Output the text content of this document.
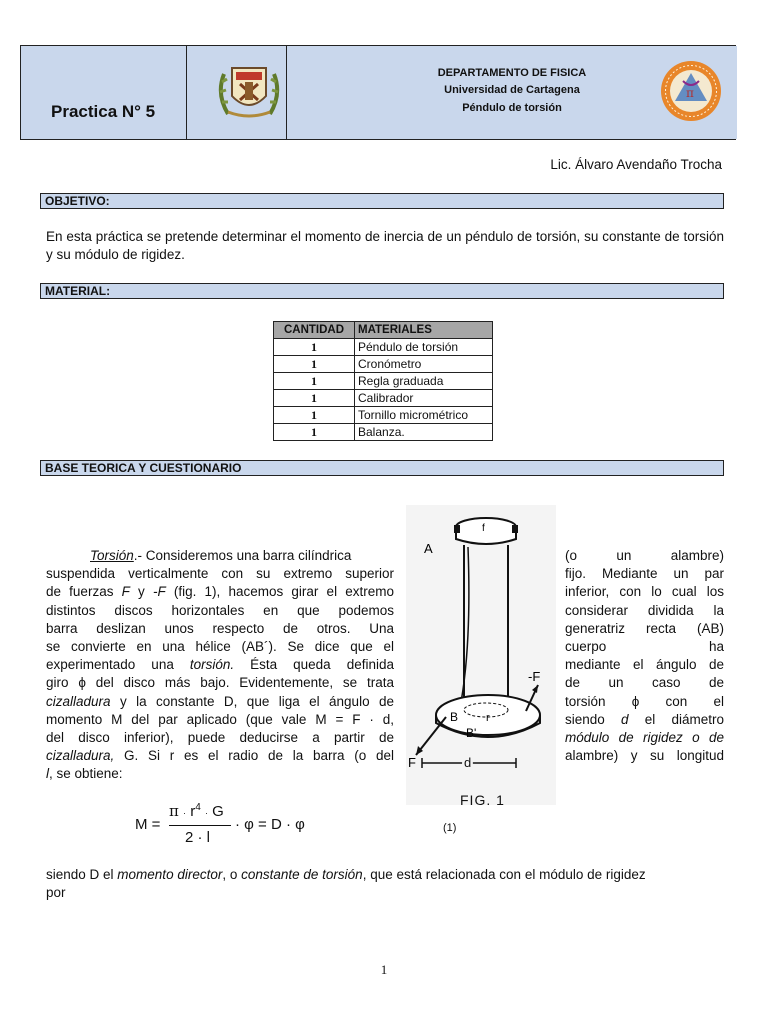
Practica N° 5
DEPARTAMENTO DE FISICA
Universidad de Cartagena
Péndulo de torsión
π
Lic. Álvaro Avendaño Trocha
OBJETIVO:
En esta práctica se pretende determinar el momento de inercia de un péndulo de torsión, su constante de torsión y su módulo de rigidez.
MATERIAL:
CANTIDAD	MATERIALES
1	Péndulo de torsión
1	Cronómetro
1	Regla graduada
1	Calibrador
1	Tornillo micrométrico
1	Balanza.
BASE TEORICA Y CUESTIONARIO
Torsión.- Consideremos una barra cilíndrica
suspendida verticalmente con su extremo superior
de fuerzas F y -F (fig. 1), hacemos girar el extremo
distintos discos horizontales en que podemos
barra deslizan unos respecto de otros. Una
se convierte en una hélice (AB´). Se dice que el
experimentado una torsión. Ésta queda definida
giro ϕ del disco más bajo. Evidentemente, se trata
cizalladura y la constante D, que liga el ángulo de
momento M del par aplicado (que vale M = F · d,
del disco inferior), puede deducirse a partir de
cizalladura, G. Si r es el radio de la barra (o del
l, se obtiene:
(o un alambre)
fijo. Mediante un par
inferior, con lo cual los
considerar dividida la
generatriz recta (AB)
cuerpo ha
mediante el ángulo de
de un caso de
torsión ϕ con el
siendo d el diámetro
módulo de rigidez o de
alambre) y su longitud
A
B
B'
r
f
F
-F
d
FIG. 1
M =
$\pi \cdot r^4 \cdot G$
2 · l
· φ = D · φ	(1)
siendo D el momento director, o constante de torsión, que está relacionada con el módulo de rigidez
por
1
